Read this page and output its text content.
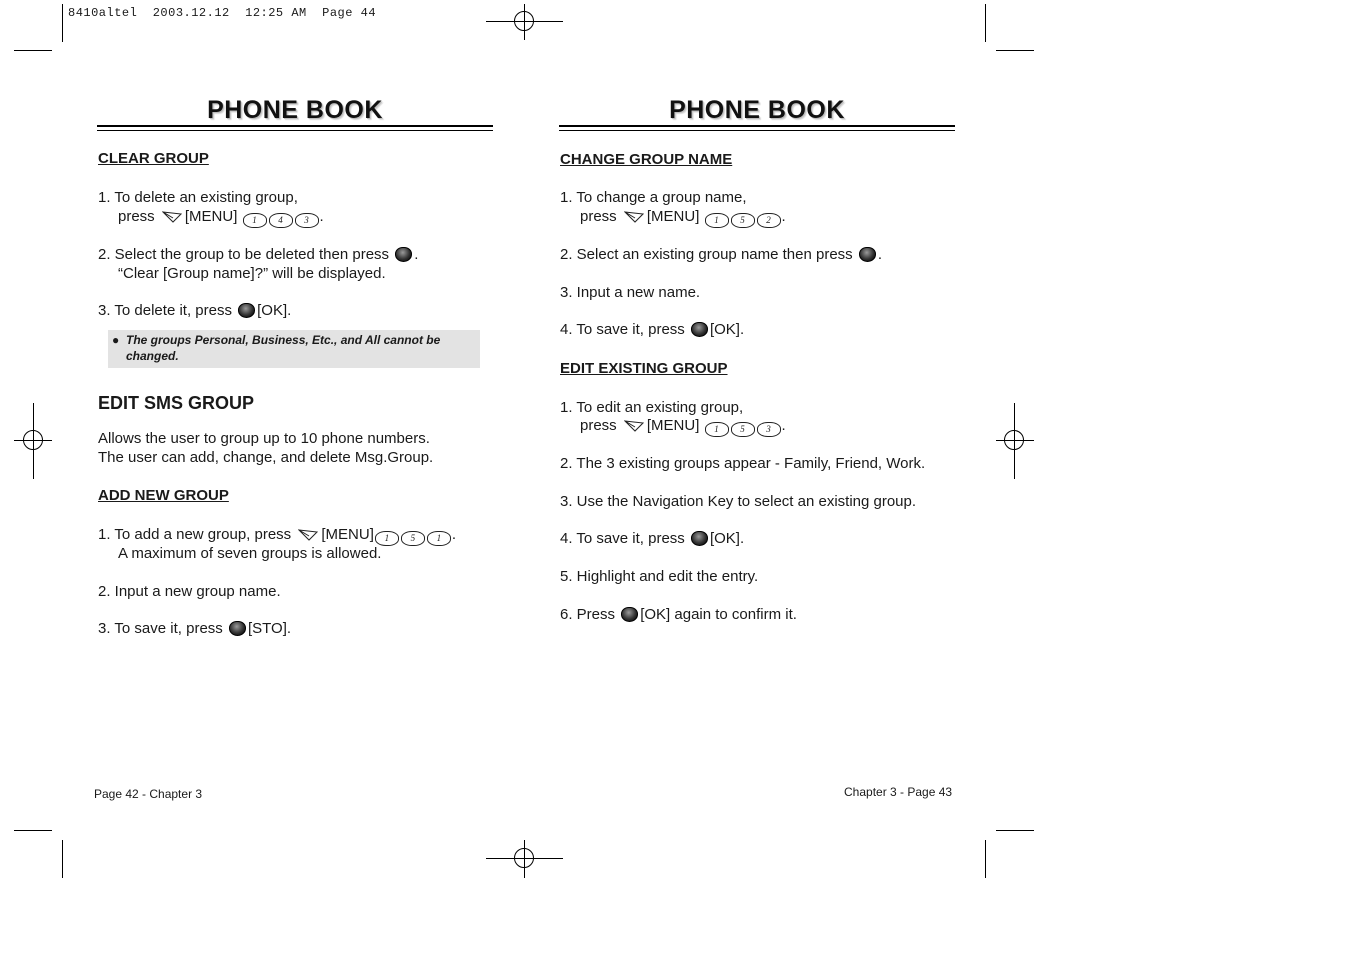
8410altel  2003.12.12  12:25 AM  Page 44
PHONE BOOK
CLEAR GROUP
1. To delete an existing group,
press [MENU] 1 4 3 .
2. Select the group to be deleted then press .
“Clear [Group name]?” will be displayed.
3. To delete it, press [OK].
● The groups Personal, Business, Etc., and All cannot be changed.
EDIT SMS GROUP
Allows the user to group up to 10 phone numbers.
The user can add, change, and delete Msg.Group.
ADD NEW GROUP
1. To add a new group, press [MENU] 1 5 1 .
A maximum of seven groups is allowed.
2. Input a new group name.
3. To save it, press [STO].
Page 42 - Chapter 3
PHONE BOOK
CHANGE GROUP NAME
1. To change a group name,
press [MENU] 1 5 2 .
2. Select an existing group name then press .
3. Input a new name.
4. To save it, press [OK].
EDIT EXISTING GROUP
1. To edit an existing group,
press [MENU] 1 5 3 .
2. The 3 existing groups appear - Family, Friend, Work.
3. Use the Navigation Key to select an existing group.
4. To save it, press [OK].
5. Highlight and edit the entry.
6. Press [OK] again to confirm it.
Chapter 3 - Page 43
